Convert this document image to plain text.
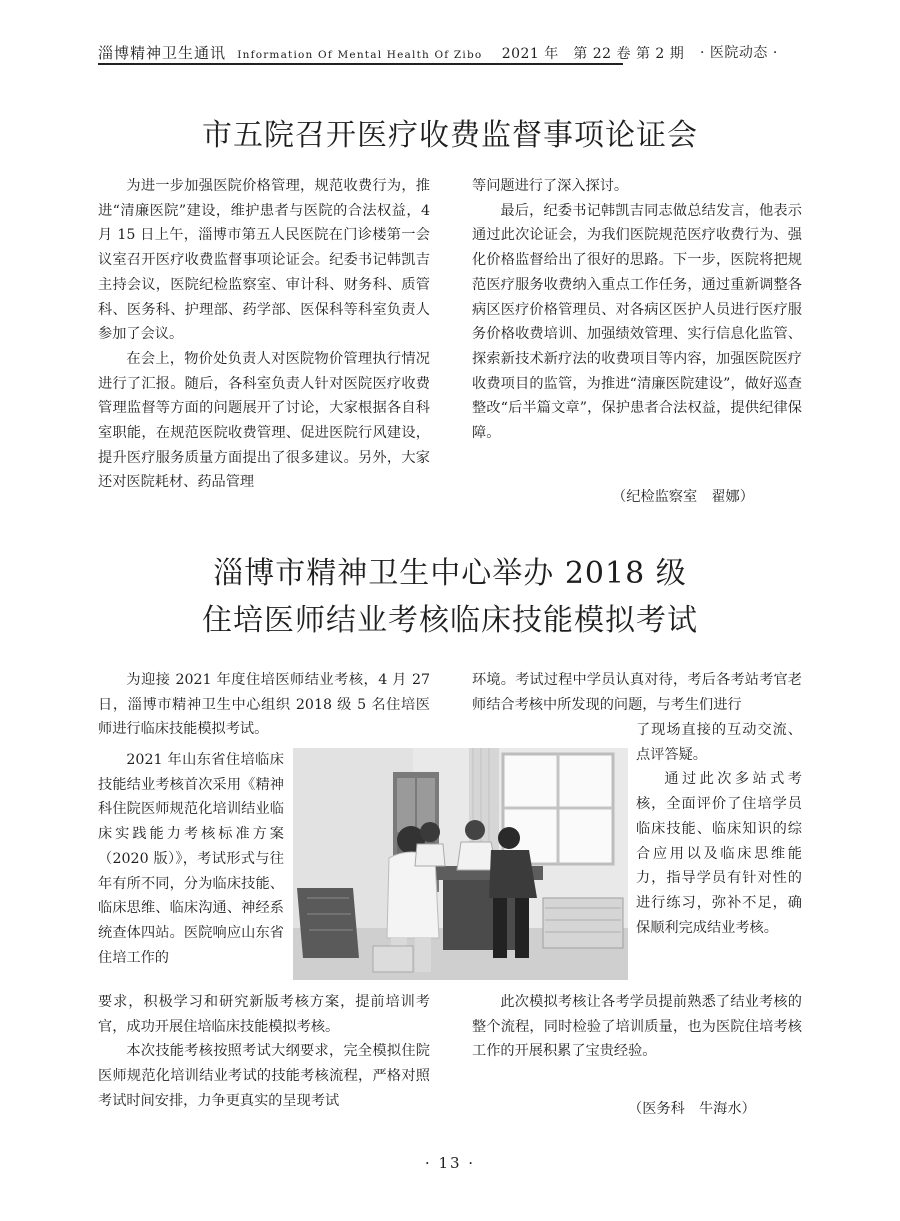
淄博精神卫生通讯 Information Of Mental Health Of Zibo 2021 年　第 22 卷 第 2 期 · 医院动态 ·
市五院召开医疗收费监督事项论证会

为进一步加强医院价格管理，规范收费行为，推进“清廉医院”建设，维护患者与医院的合法权益，4 月 15 日上午，淄博市第五人民医院在门诊楼第一会议室召开医疗收费监督事项论证会。纪委书记韩凯吉主持会议，医院纪检监察室、审计科、财务科、质管科、医务科、护理部、药学部、医保科等科室负责人参加了会议。

在会上，物价处负责人对医院物价管理执行情况进行了汇报。随后，各科室负责人针对医院医疗收费管理监督等方面的问题展开了讨论，大家根据各自科室职能，在规范医院收费管理、促进医院行风建设，提升医疗服务质量方面提出了很多建议。另外，大家还对医院耗材、药品管理

等问题进行了深入探讨。

最后，纪委书记韩凯吉同志做总结发言，他表示通过此次论证会，为我们医院规范医疗收费行为、强化价格监督给出了很好的思路。下一步，医院将把规范医疗服务收费纳入重点工作任务，通过重新调整各病区医疗价格管理员、对各病区医护人员进行医疗服务价格收费培训、加强绩效管理、实行信息化监管、探索新技术新疗法的收费项目等内容，加强医院医疗收费项目的监管，为推进“清廉医院建设”，做好巡查整改“后半篇文章”，保护患者合法权益，提供纪律保障。

（纪检监察室　翟娜）
淄博市精神卫生中心举办 2018 级
住培医师结业考核临床技能模拟考试

为迎接 2021 年度住培医师结业考核，4 月 27 日，淄博市精神卫生中心组织 2018 级 5 名住培医师进行临床技能模拟考试。

2021 年山东省住培临床技能结业考核首次采用《精神科住院医师规范化培训结业临床实践能力考核标准方案（2020 版）》，考试形式与往年有所不同，分为临床技能、临床思维、临床沟通、神经系统查体四站。医院响应山东省住培工作的

要求，积极学习和研究新版考核方案，提前培训考官，成功开展住培临床技能模拟考核。

本次技能考核按照考试大纲要求，完全模拟住院医师规范化培训结业考试的技能考核流程，严格对照考试时间安排，力争更真实的呈现考试

环境。考试过程中学员认真对待，考后各考站考官老师结合考核中所发现的问题，与考生们进行

了现场直接的互动交流、点评答疑。

通过此次多站式考核，全面评价了住培学员临床技能、临床知识的综合应用以及临床思维能力，指导学员有针对性的进行练习，弥补不足，确保顺利完成结业考核。

此次模拟考核让各考学员提前熟悉了结业考核的整个流程，同时检验了培训质量，也为医院住培考核工作的开展积累了宝贵经验。

（医务科　牛海水）
· 13 ·
